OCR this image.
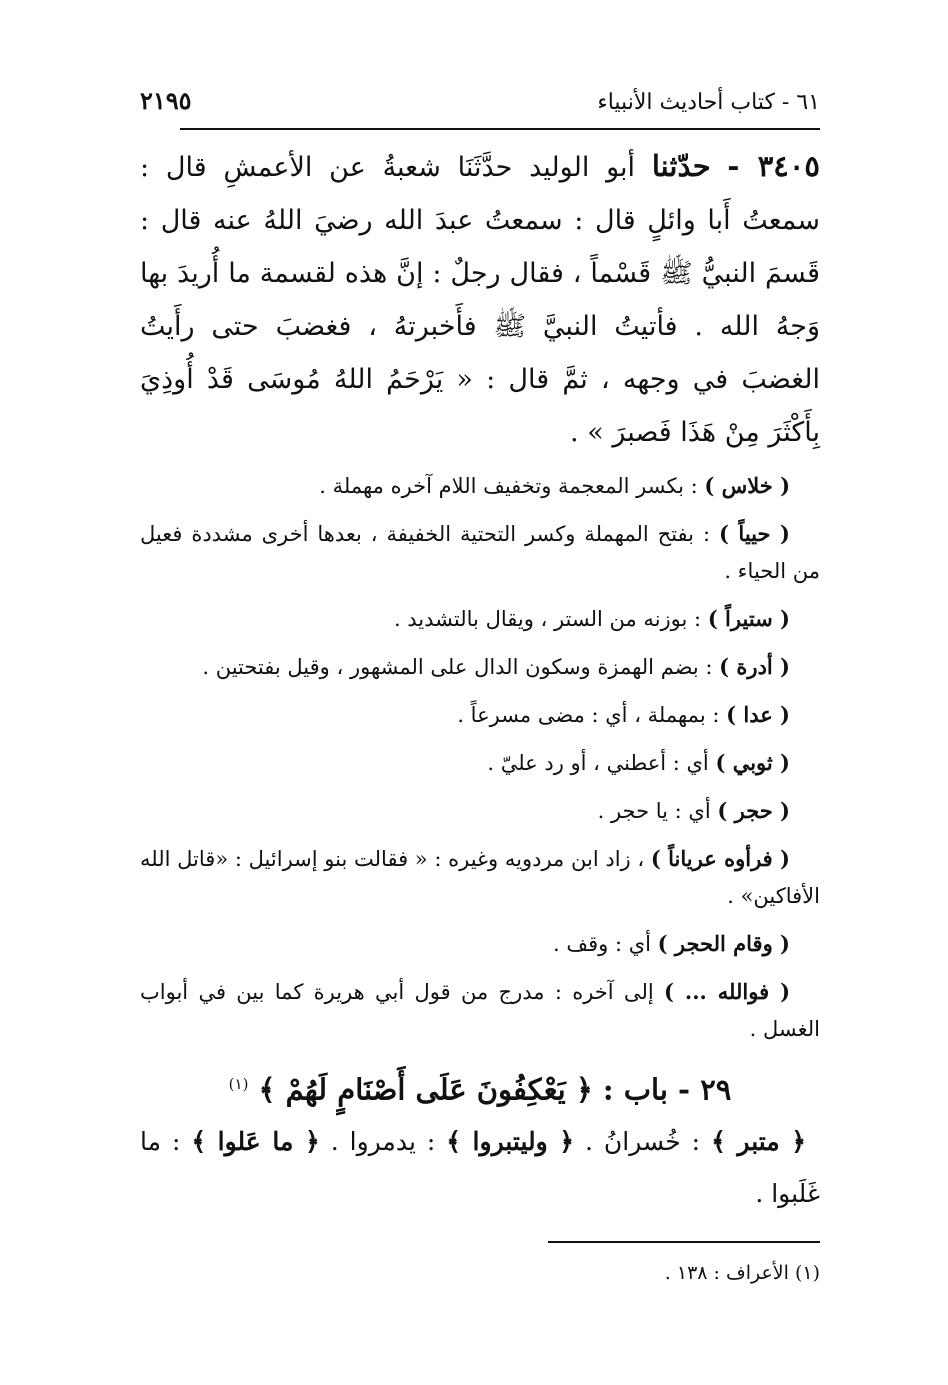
٦١ - كتاب أحاديث الأنبياء
٢١٩٥

٣٤٠٥ - حدّثنا أبو الوليد حدَّثَنَا شعبةُ عن الأعمشِ قال : سمعتُ أَبا وائلٍ قال : سمعتُ عبدَ الله رضيَ اللهُ عنه قال : قَسمَ النبيُّ ﷺ قَسْماً ، فقال رجلٌ : إنَّ هذه لقسمة ما أُريدَ بها وَجهُ الله . فأتيتُ النبيَّ ﷺ فأَخبرتهُ ، فغضبَ حتى رأَيتُ الغضبَ في وجهه ، ثمَّ قال : « يَرْحَمُ اللهُ مُوسَى قَدْ أُوذِيَ بِأَكْثَرَ مِنْ هَذَا فَصبرَ » .

( خلاس ) : بكسر المعجمة وتخفيف اللام آخره مهملة .

( حيياً ) : بفتح المهملة وكسر التحتية الخفيفة ، بعدها أخرى مشددة فعيل من الحياء .

( ستيراً ) : بوزنه من الستر ، ويقال بالتشديد .

( أدرة ) : بضم الهمزة وسكون الدال على المشهور ، وقيل بفتحتين .

( عدا ) : بمهملة ، أي : مضى مسرعاً .

( ثوبي ) أي : أعطني ، أو رد عليّ .

( حجر ) أي : يا حجر .

( فرأوه عرياناً ) ، زاد ابن مردويه وغيره : « فقالت بنو إسرائيل : «قاتل الله الأفاكين» .

( وقام الحجر ) أي : وقف .

( فوالله ... ) إلى آخره : مدرج من قول أبي هريرة كما بين في أبواب الغسل .

٢٩ - باب : ﴿ يَعْكِفُونَ عَلَى أَصْنَامٍ لَهُمْ ﴾ $^{(١)}$

﴿ متبر ﴾ : خُسرانُ . ﴿ وليتبروا ﴾ : يدمروا . ﴿ ما عَلوا ﴾ : ما غَلَبوا .

(١) الأعراف : ١٣٨ .
